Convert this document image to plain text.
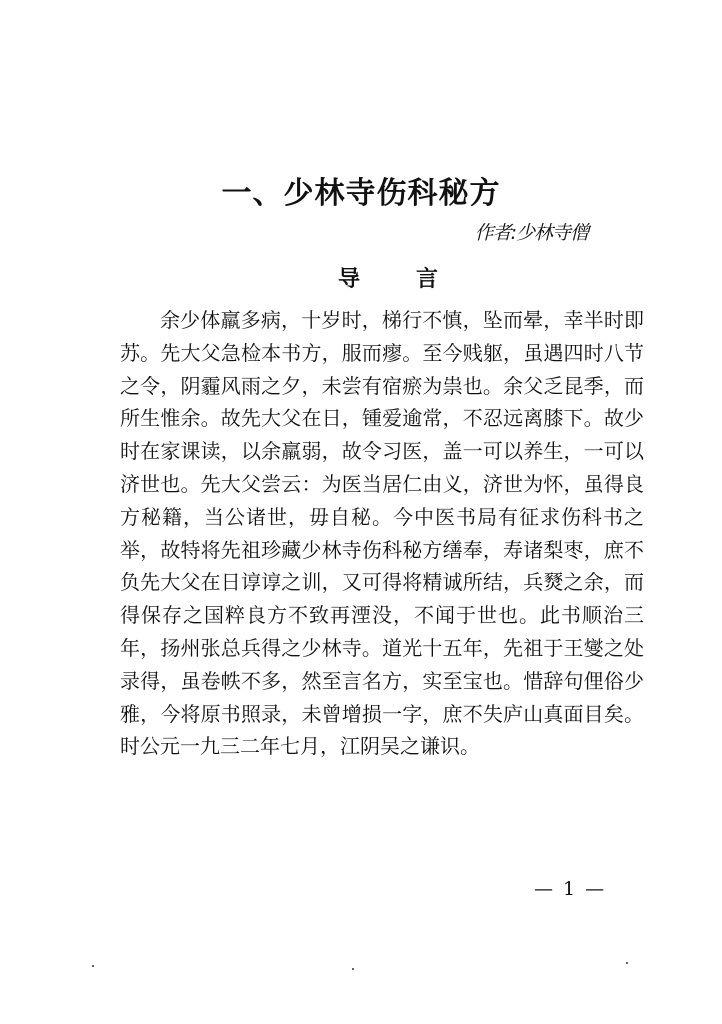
一、少林寺伤科秘方

作者:少林寺僧

导	言

余少体羸多病，十岁时，梯行不慎，坠而晕，幸半时即苏。先大父急检本书方，服而瘳。至今贱躯，虽遇四时八节之令，阴霾风雨之夕，未尝有宿瘀为祟也。余父乏昆季，而所生惟余。故先大父在日，锺爱逾常，不忍远离膝下。故少时在家课读，以余羸弱，故令习医，盖一可以养生，一可以济世也。先大父尝云：为医当居仁由义，济世为怀，虽得良方秘籍，当公诸世，毋自秘。今中医书局有征求伤科书之举，故特将先祖珍藏少林寺伤科秘方缮奉，寿诸梨枣，庶不负先大父在日谆谆之训，又可得将精诚所结，兵燹之余，而得保存之国粹良方不致再湮没，不闻于世也。此书顺治三年，扬州张总兵得之少林寺。道光十五年，先祖于王燮之处录得，虽卷帙不多，然至言名方，实至宝也。惜辞句俚俗少雅，今将原书照录，未曾增损一字，庶不失庐山真面目矣。时公元一九三二年七月，江阴吴之谦识。

— 1 —
